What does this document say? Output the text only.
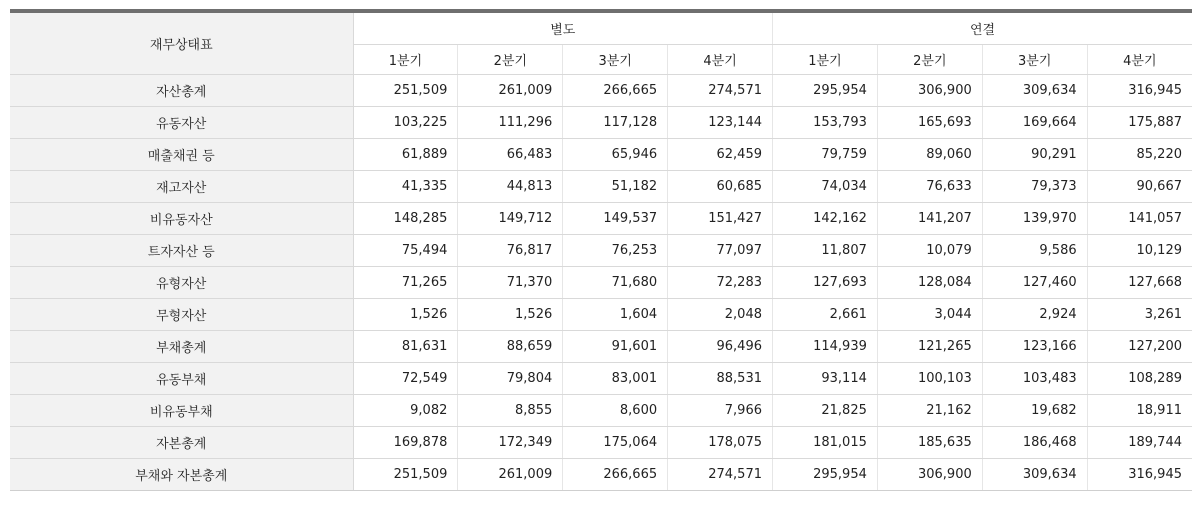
재무상태표	별도				연결			
	1분기	2분기	3분기	4분기	1분기	2분기	3분기	4분기
자산총계	251,509	261,009	266,665	274,571	295,954	306,900	309,634	316,945
유동자산	103,225	111,296	117,128	123,144	153,793	165,693	169,664	175,887
매출채권 등	61,889	66,483	65,946	62,459	79,759	89,060	90,291	85,220
재고자산	41,335	44,813	51,182	60,685	74,034	76,633	79,373	90,667
비유동자산	148,285	149,712	149,537	151,427	142,162	141,207	139,970	141,057
트자자산 등	75,494	76,817	76,253	77,097	11,807	10,079	9,586	10,129
유형자산	71,265	71,370	71,680	72,283	127,693	128,084	127,460	127,668
무형자산	1,526	1,526	1,604	2,048	2,661	3,044	2,924	3,261
부채총계	81,631	88,659	91,601	96,496	114,939	121,265	123,166	127,200
유동부채	72,549	79,804	83,001	88,531	93,114	100,103	103,483	108,289
비유동부채	9,082	8,855	8,600	7,966	21,825	21,162	19,682	18,911
자본총계	169,878	172,349	175,064	178,075	181,015	185,635	186,468	189,744
부채와 자본총계	251,509	261,009	266,665	274,571	295,954	306,900	309,634	316,945
